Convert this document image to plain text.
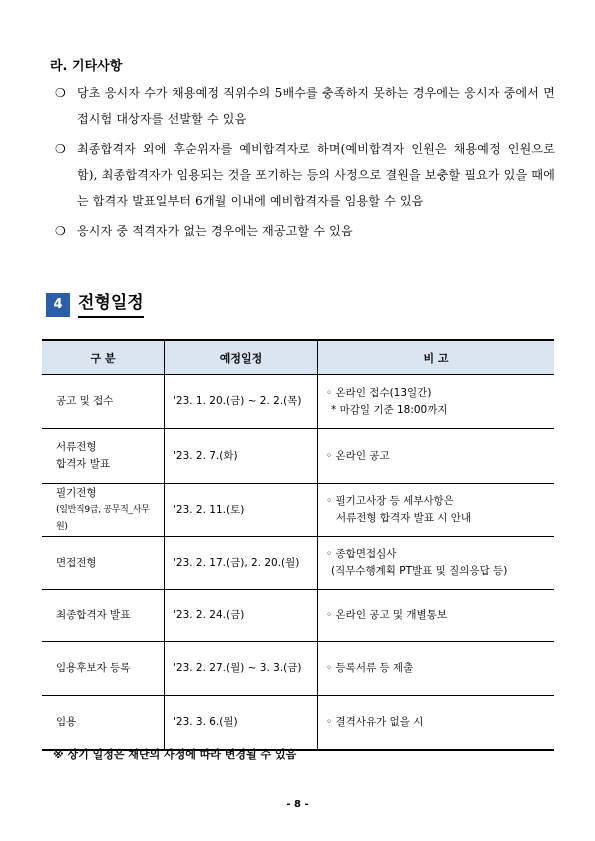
라. 기타사항
❍ 당초 응시자 수가 채용예정 직위수의 5배수를 충족하지 못하는 경우에는 응시자 중에서 면접시험 대상자를 선발할 수 있음
❍ 최종합격자 외에 후순위자를 예비합격자로 하며(예비합격자 인원은 채용예정 인원으로 함), 최종합격자가 임용되는 것을 포기하는 등의 사정으로 결원을 보충할 필요가 있을 때에는 합격자 발표일부터 6개월 이내에 예비합격자를 임용할 수 있음
❍ 응시자 중 적격자가 없는 경우에는 재공고할 수 있음
4 전형일정
구 분	예정일정	비 고

공고 및 접수	'23. 1. 20.(금) ~ 2. 2.(목)	◦ 온라인 접수(13일간)
* 마감일 기준 18:00까지

서류전형
합격자 발표	'23. 2. 7.(화)	◦ 온라인 공고

필기전형
(일반직9급, 공무직_사무원)	'23. 2. 11.(토)	◦ 필기고사장 등 세부사항은
서류전형 합격자 발표 시 안내

면접전형	'23. 2. 17.(금), 2. 20.(월)	◦ 종합면접심사
(직무수행계획 PT발표 및 질의응답 등)

최종합격자 발표	'23. 2. 24.(금)	◦ 온라인 공고 및 개별통보

임용후보자 등록	'23. 2. 27.(월) ~ 3. 3.(금)	◦ 등록서류 등 제출

임용	'23. 3. 6.(월)	◦ 결격사유가 없을 시
※ 상기 일정은 재단의 사정에 따라 변경될 수 있음
- 8 -
